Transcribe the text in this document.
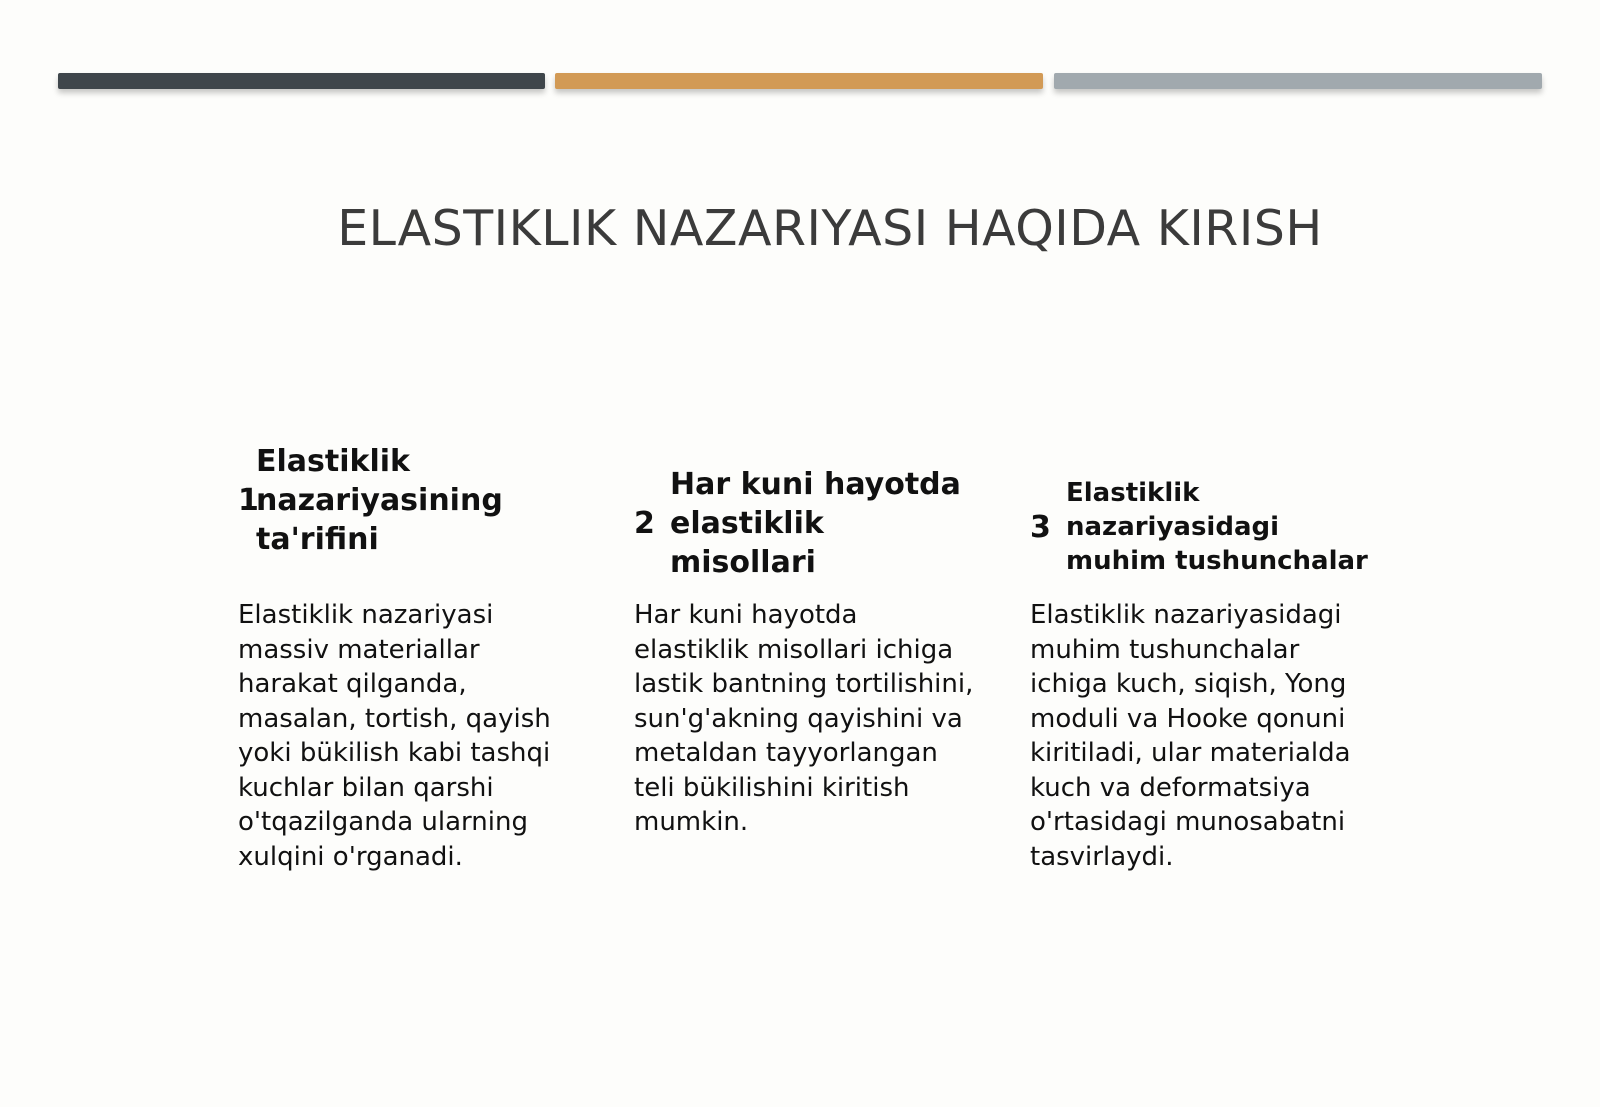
ELASTIKLIK NAZARIYASI HAQIDA KIRISH
1

Elastiklik nazariyasining ta'rifini

Elastiklik nazariyasi massiv materiallar harakat qilganda, masalan, tortish, qayish yoki bükilish kabi tashqi kuchlar bilan qarshi o'tqazilganda ularning xulqini o'rganadi.

2

Har kuni hayotda elastiklik misollari

Har kuni hayotda elastiklik misollari ichiga lastik bantning tortilishini, sun'g'akning qayishini va metaldan tayyorlangan teli bükilishini kiritish mumkin.

3

Elastiklik nazariyasidagi muhim tushunchalar

Elastiklik nazariyasidagi muhim tushunchalar ichiga kuch, siqish, Yong moduli va Hooke qonuni kiritiladi, ular materialda kuch va deformatsiya o'rtasidagi munosabatni tasvirlaydi.
